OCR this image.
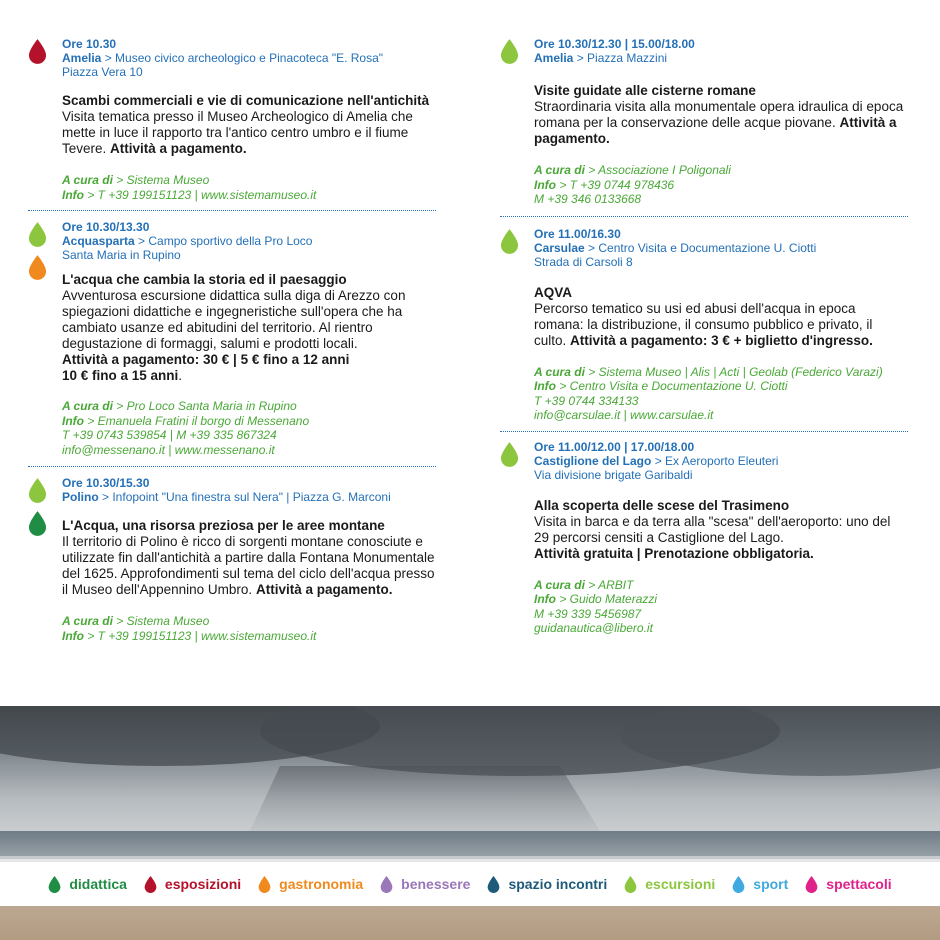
Ore 10.30

Amelia > Museo civico archeologico e Pinacoteca "E. Rosa"

Piazza Vera 10

Scambi commerciali e vie di comunicazione nell'antichità

Visita tematica presso il Museo Archeologico di Amelia che mette in luce il rapporto tra l'antico centro umbro e il fiume Tevere. Attività a pagamento.

A cura di > Sistema Museo

Info > T +39 199151123 | www.sistemamuseo.it

Ore 10.30/13.30

Acquasparta > Campo sportivo della Pro Loco

Santa Maria in Rupino

L'acqua che cambia la storia ed il paesaggio

Avventurosa escursione didattica sulla diga di Arezzo con spiegazioni didattiche e ingegneristiche sull'opera che ha cambiato usanze ed abitudini del territorio. Al rientro degustazione di formaggi, salumi e prodotti locali.

Attività a pagamento: 30 € | 5 € fino a 12 anni

10 € fino a 15 anni.

A cura di > Pro Loco Santa Maria in Rupino

Info > Emanuela Fratini il borgo di Messenano

T +39 0743 539854 | M +39 335 867324

info@messenano.it | www.messenano.it

Ore 10.30/15.30

Polino > Infopoint "Una finestra sul Nera" | Piazza G. Marconi

L'Acqua, una risorsa preziosa per le aree montane

Il territorio di Polino è ricco di sorgenti montane conosciute e utilizzate fin dall'antichità a partire dalla Fontana Monumentale del 1625. Approfondimenti sul tema del ciclo dell'acqua presso il Museo dell'Appennino Umbro. Attività a pagamento.

A cura di > Sistema Museo

Info > T +39 199151123 | www.sistemamuseo.it

Ore 10.30/12.30 | 15.00/18.00

Amelia > Piazza Mazzini

Visite guidate alle cisterne romane

Straordinaria visita alla monumentale opera idraulica di epoca romana per la conservazione delle acque piovane. Attività a pagamento.

A cura di > Associazione I Poligonali

Info > T +39 0744 978436

M +39 346 0133668

Ore 11.00/16.30

Carsulae > Centro Visita e Documentazione U. Ciotti

Strada di Carsoli 8

AQVA

Percorso tematico su usi ed abusi dell'acqua in epoca romana: la distribuzione, il consumo pubblico e privato, il culto. Attività a pagamento: 3 € + biglietto d'ingresso.

A cura di > Sistema Museo | Alis | Acti | Geolab (Federico Varazi)

Info > Centro Visita e Documentazione U. Ciotti

T +39 0744 334133

info@carsulae.it | www.carsulae.it

Ore 11.00/12.00 | 17.00/18.00

Castiglione del Lago > Ex Aeroporto Eleuteri

Via divisione brigate Garibaldi

Alla scoperta delle scese del Trasimeno

Visita in barca e da terra alla "scesa" dell'aeroporto: uno del 29 percorsi censiti a Castiglione del Lago.

Attività gratuita | Prenotazione obbligatoria.

A cura di > ARBIT

Info > Guido Materazzi

M +39 339 5456987

guidanautica@libero.it

didattica	esposizioni	gastronomia	benessere	spazio incontri	escursioni	sport	spettacoli
